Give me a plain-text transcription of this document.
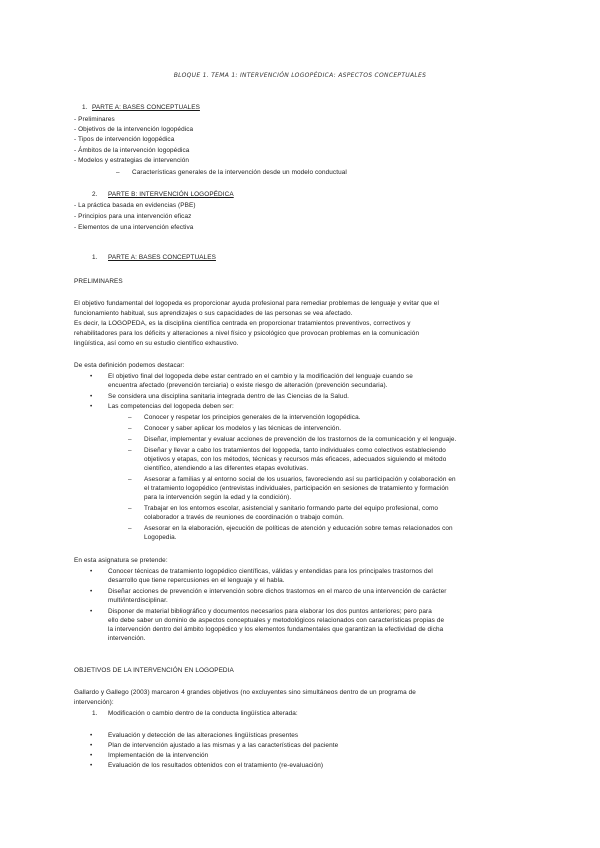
BLOQUE 1. TEMA 1: INTERVENCIÓN LOGOPÉDICA: ASPECTOS CONCEPTUALES
1. PARTE A: BASES CONCEPTUALES
- Preliminares
- Objetivos de la intervención logopédica
- Tipos de intervención logopédica
- Ámbitos de la intervención logopédica
- Modelos y estrategias de intervención
– Características generales de la intervención desde un modelo conductual
2. PARTE B: INTERVENCIÓN LOGOPÉDICA
- La práctica basada en evidencias (PBE)
- Principios para una intervención eficaz
- Elementos de una intervención efectiva
1. PARTE A: BASES CONCEPTUALES
PRELIMINARES
El objetivo fundamental del logopeda es proporcionar ayuda profesional para remediar problemas de lenguaje y evitar que el
funcionamiento habitual, sus aprendizajes o sus capacidades de las personas se vea afectado.
Es decir, la LOGOPEDA, es la disciplina científica centrada en proporcionar tratamientos preventivos, correctivos y
rehabilitadores para los déficits y alteraciones a nivel físico y psicológico que provocan problemas en la comunicación
lingüística, así como en su estudio científico exhaustivo.
De esta definición podemos destacar:
• El objetivo final del logopeda debe estar centrado en el cambio y la modificación del lenguaje cuando se
encuentra afectado (prevención terciaria) o existe riesgo de alteración (prevención secundaria).
• Se considera una disciplina sanitaria integrada dentro de las Ciencias de la Salud.
• Las competencias del logopeda deben ser:
– Conocer y respetar los principios generales de la intervención logopédica.
– Conocer y saber aplicar los modelos y las técnicas de intervención.
– Diseñar, implementar y evaluar acciones de prevención de los trastornos de la comunicación y el lenguaje.
– Diseñar y llevar a cabo los tratamientos del logopeda, tanto individuales como colectivos estableciendo
objetivos y etapas, con los métodos, técnicas y recursos más eficaces, adecuados siguiendo el método
científico, atendiendo a las diferentes etapas evolutivas.
– Asesorar a familias y al entorno social de los usuarios, favoreciendo así su participación y colaboración en
el tratamiento logopédico (entrevistas individuales, participación en sesiones de tratamiento y formación
para la intervención según la edad y la condición).
– Trabajar en los entornos escolar, asistencial y sanitario formando parte del equipo profesional, como
colaborador a través de reuniones de coordinación o trabajo común.
– Asesorar en la elaboración, ejecución de políticas de atención y educación sobre temas relacionados con
Logopedia.
En esta asignatura se pretende:
• Conocer técnicas de tratamiento logopédico científicas, válidas y entendidas para los principales trastornos del
desarrollo que tiene repercusiones en el lenguaje y el habla.
• Diseñar acciones de prevención e intervención sobre dichos trastornos en el marco de una intervención de carácter
multi/interdisciplinar.
• Disponer de material bibliográfico y documentos necesarios para elaborar los dos puntos anteriores; pero para
ello debe saber un dominio de aspectos conceptuales y metodológicos relacionados con características propias de
la intervención dentro del ámbito logopédico y los elementos fundamentales que garantizan la efectividad de dicha
intervención.
OBJETIVOS DE LA INTERVENCIÓN EN LOGOPEDIA
Gallardo y Gallego (2003) marcaron 4 grandes objetivos (no excluyentes sino simultáneos dentro de un programa de
intervención):
1. Modificación o cambio dentro de la conducta lingüística alterada:
• Evaluación y detección de las alteraciones lingüísticas presentes
• Plan de intervención ajustado a las mismas y a las características del paciente
• Implementación de la intervención
• Evaluación de los resultados obtenidos con el tratamiento (re-evaluación)
